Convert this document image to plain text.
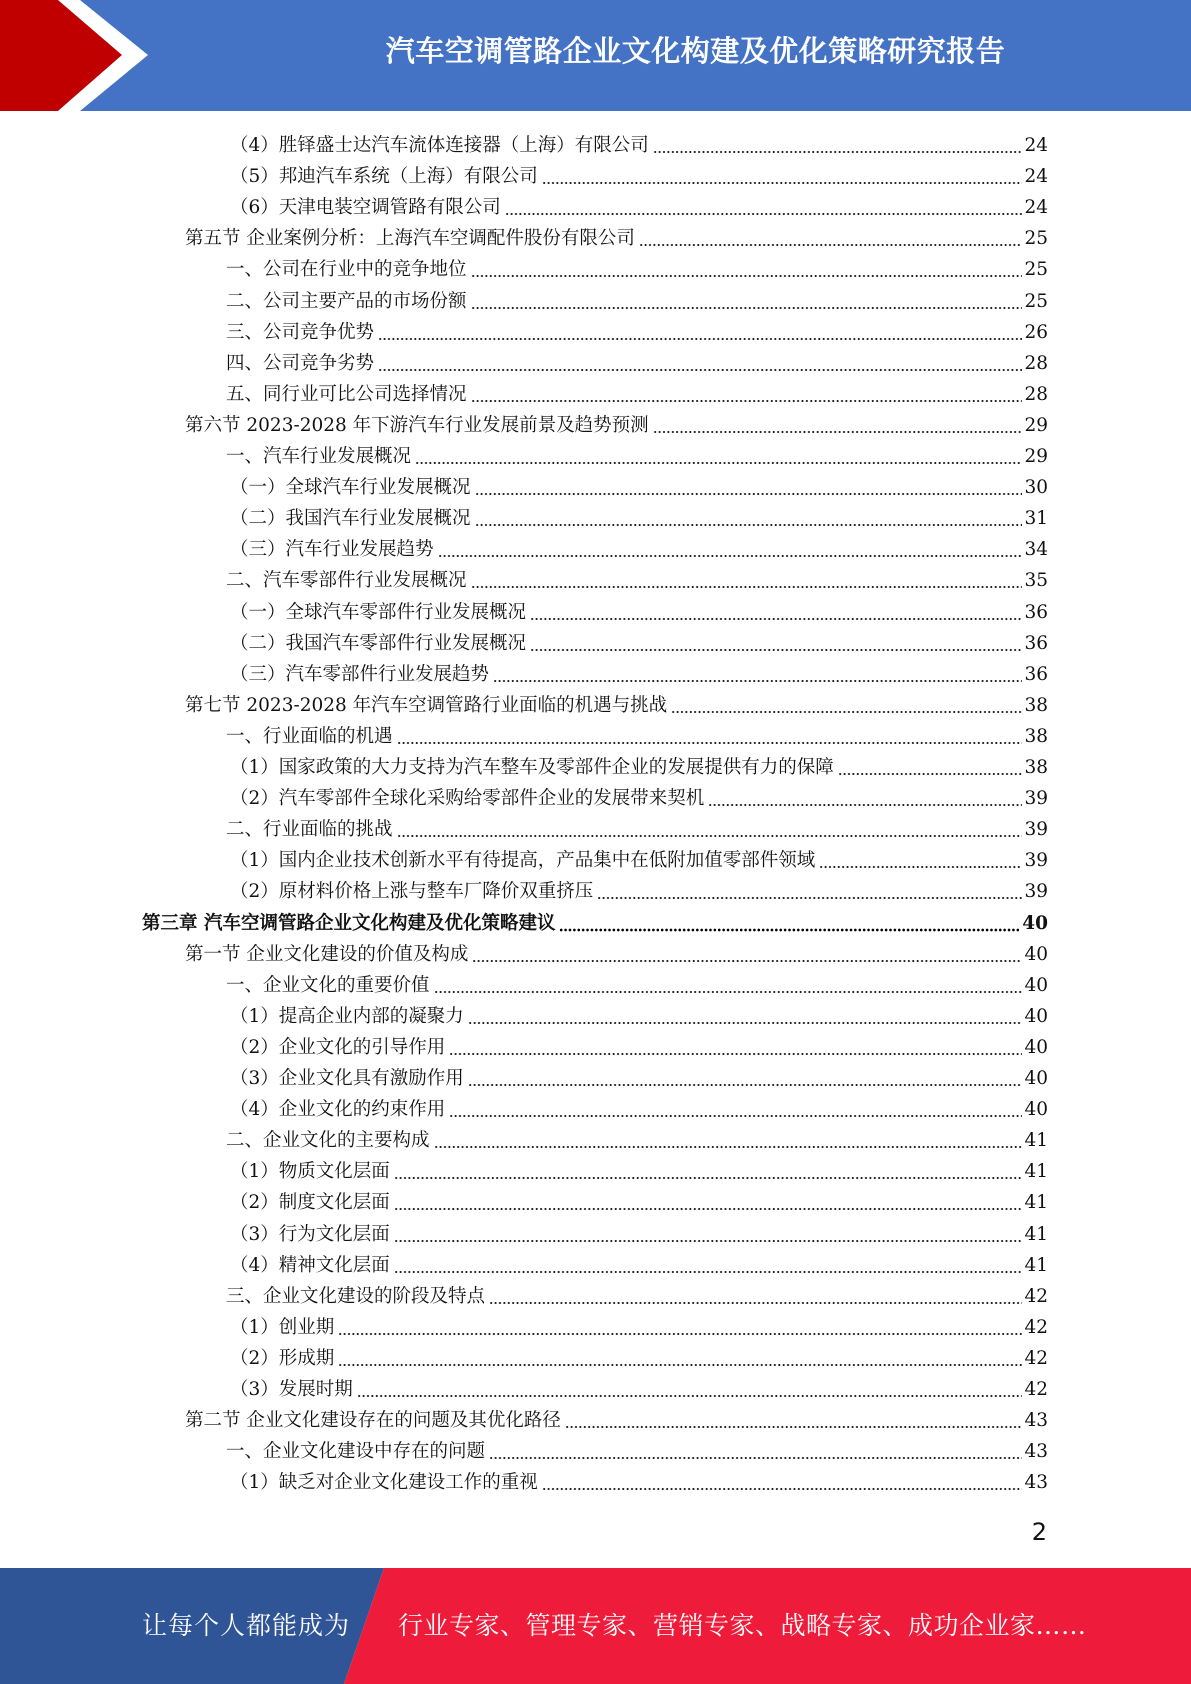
汽车空调管路企业文化构建及优化策略研究报告
（4）胜铎盛士达汽车流体连接器（上海）有限公司	24
（5）邦迪汽车系统（上海）有限公司	24
（6）天津电装空调管路有限公司	24
第五节 企业案例分析：上海汽车空调配件股份有限公司	25
一、公司在行业中的竞争地位	25
二、公司主要产品的市场份额	25
三、公司竞争优势	26
四、公司竞争劣势	28
五、同行业可比公司选择情况	28
第六节 2023-2028 年下游汽车行业发展前景及趋势预测	29
一、汽车行业发展概况	29
（一）全球汽车行业发展概况	30
（二）我国汽车行业发展概况	31
（三）汽车行业发展趋势	34
二、汽车零部件行业发展概况	35
（一）全球汽车零部件行业发展概况	36
（二）我国汽车零部件行业发展概况	36
（三）汽车零部件行业发展趋势	36
第七节 2023-2028 年汽车空调管路行业面临的机遇与挑战	38
一、行业面临的机遇	38
（1）国家政策的大力支持为汽车整车及零部件企业的发展提供有力的保障	38
（2）汽车零部件全球化采购给零部件企业的发展带来契机	39
二、行业面临的挑战	39
（1）国内企业技术创新水平有待提高，产品集中在低附加值零部件领域	39
（2）原材料价格上涨与整车厂降价双重挤压	39
第三章 汽车空调管路企业文化构建及优化策略建议	40
第一节 企业文化建设的价值及构成	40
一、企业文化的重要价值	40
（1）提高企业内部的凝聚力	40
（2）企业文化的引导作用	40
（3）企业文化具有激励作用	40
（4）企业文化的约束作用	40
二、企业文化的主要构成	41
（1）物质文化层面	41
（2）制度文化层面	41
（3）行为文化层面	41
（4）精神文化层面	41
三、企业文化建设的阶段及特点	42
（1）创业期	42
（2）形成期	42
（3）发展时期	42
第二节 企业文化建设存在的问题及其优化路径	43
一、企业文化建设中存在的问题	43
（1）缺乏对企业文化建设工作的重视	43
2
让每个人都能成为 行业专家、管理专家、营销专家、战略专家、成功企业家……
